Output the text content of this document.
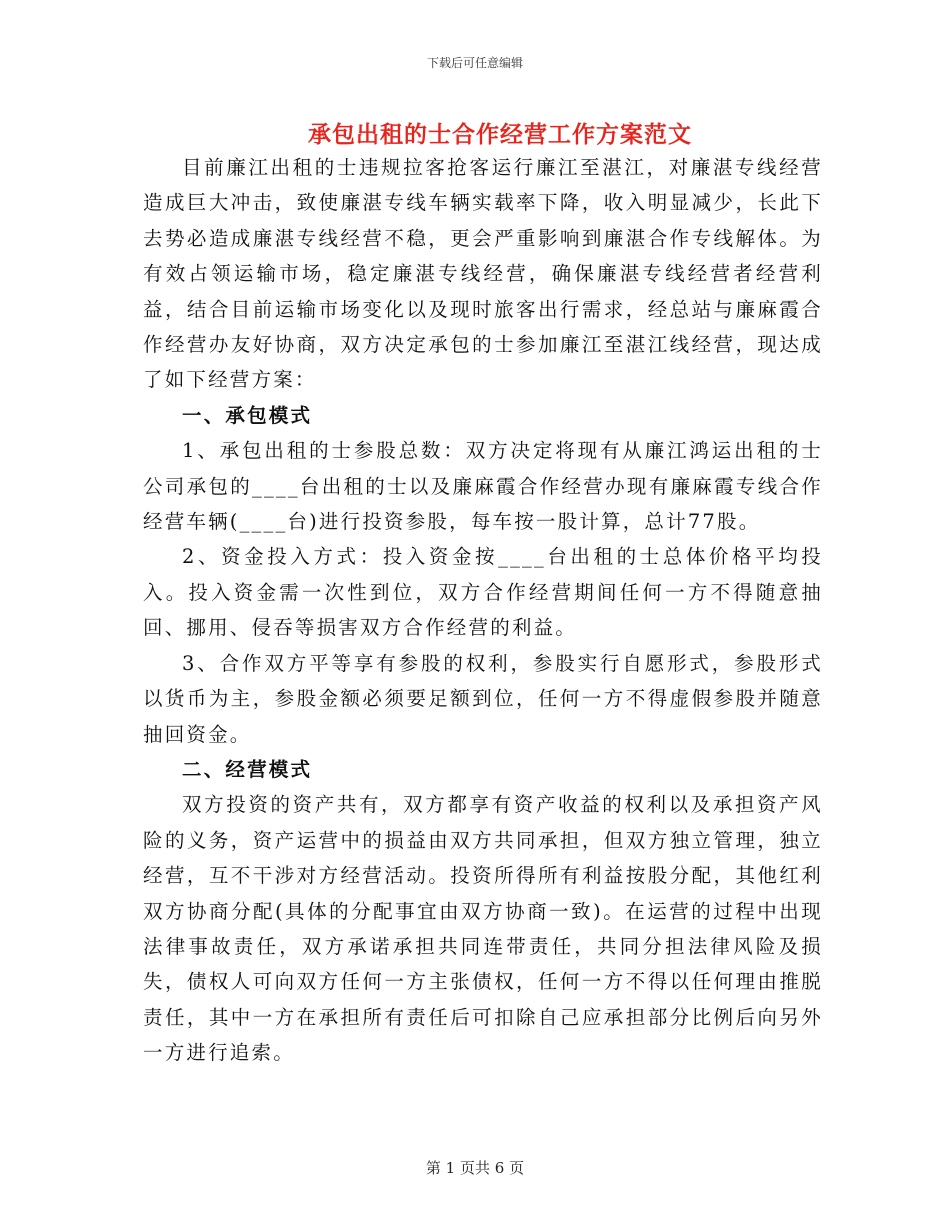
下载后可任意编辑
承包出租的士合作经营工作方案范文

目前廉江出租的士违规拉客抢客运行廉江至湛江，对廉湛专线经营造成巨大冲击，致使廉湛专线车辆实载率下降，收入明显减少，长此下去势必造成廉湛专线经营不稳，更会严重影响到廉湛合作专线解体。为有效占领运输市场，稳定廉湛专线经营，确保廉湛专线经营者经营利益，结合目前运输市场变化以及现时旅客出行需求，经总站与廉麻霞合作经营办友好协商，双方决定承包的士参加廉江至湛江线经营，现达成了如下经营方案：

一、承包模式

1、承包出租的士参股总数：双方决定将现有从廉江鸿运出租的士公司承包的____台出租的士以及廉麻霞合作经营办现有廉麻霞专线合作经营车辆(____台)进行投资参股，每车按一股计算，总计77股。

2、资金投入方式：投入资金按____台出租的士总体价格平均投入。投入资金需一次性到位，双方合作经营期间任何一方不得随意抽回、挪用、侵吞等损害双方合作经营的利益。

3、合作双方平等享有参股的权利，参股实行自愿形式，参股形式以货币为主，参股金额必须要足额到位，任何一方不得虚假参股并随意抽回资金。

二、经营模式

双方投资的资产共有，双方都享有资产收益的权利以及承担资产风险的义务，资产运营中的损益由双方共同承担，但双方独立管理，独立经营，互不干涉对方经营活动。投资所得所有利益按股分配，其他红利双方协商分配(具体的分配事宜由双方协商一致)。在运营的过程中出现法律事故责任，双方承诺承担共同连带责任，共同分担法律风险及损失，债权人可向双方任何一方主张债权，任何一方不得以任何理由推脱责任，其中一方在承担所有责任后可扣除自己应承担部分比例后向另外一方进行追索。

第 1 页共 6 页
